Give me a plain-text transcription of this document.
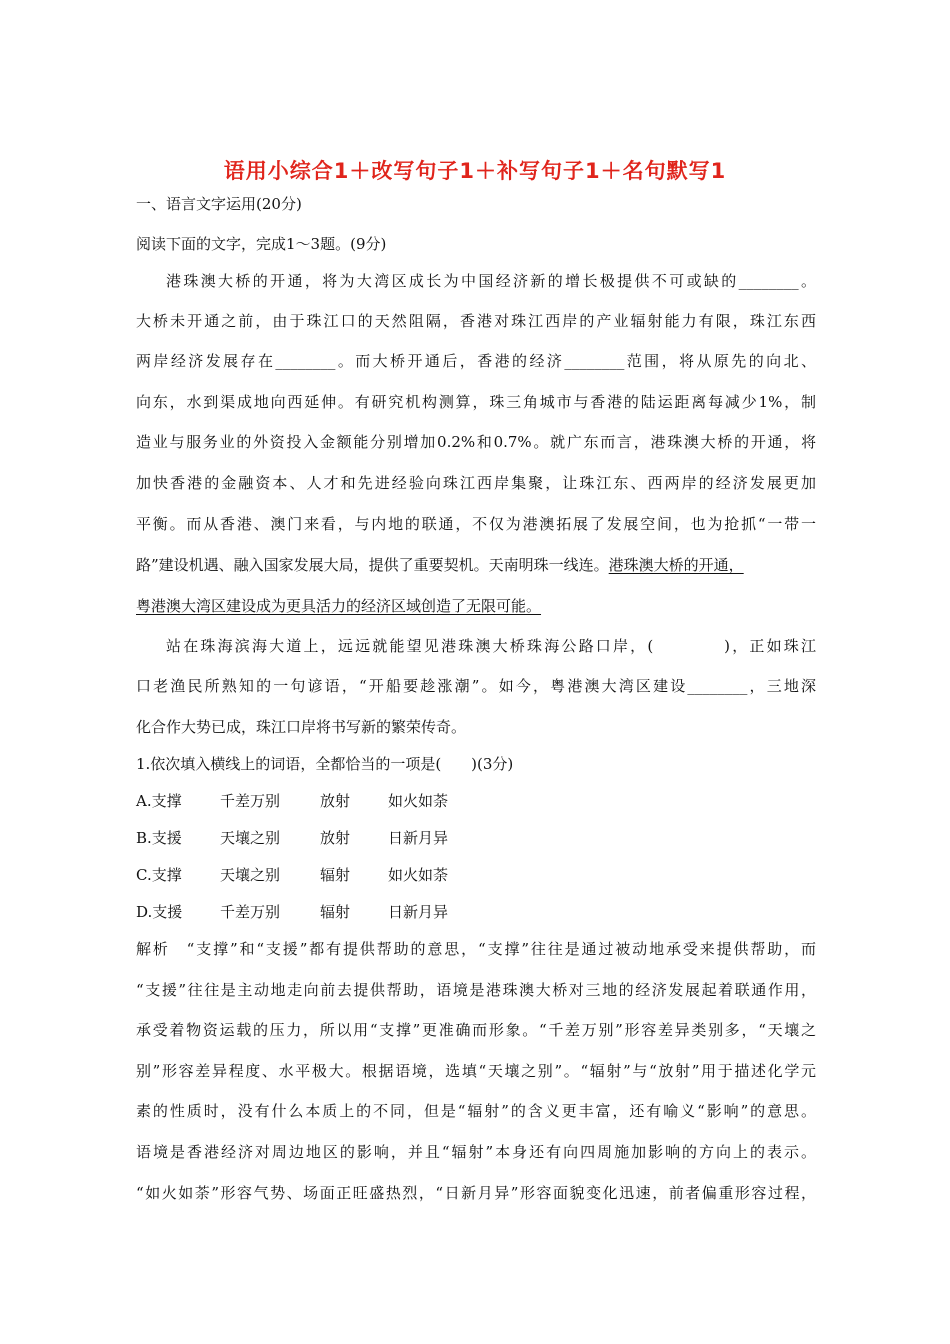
语用小综合1＋改写句子1＋补写句子1＋名句默写1
一、语言文字运用(20分)
阅读下面的文字，完成1～3题。(9分)
港珠澳大桥的开通，将为大湾区成长为中国经济新的增长极提供不可或缺的________。
大桥未开通之前，由于珠江口的天然阻隔，香港对珠江西岸的产业辐射能力有限，珠江东西
两岸经济发展存在________。而大桥开通后，香港的经济________范围，将从原先的向北、
向东，水到渠成地向西延伸。有研究机构测算，珠三角城市与香港的陆运距离每减少1%，制
造业与服务业的外资投入金额能分别增加0.2%和0.7%。就广东而言，港珠澳大桥的开通，将
加快香港的金融资本、人才和先进经验向珠江西岸集聚，让珠江东、西两岸的经济发展更加
平衡。而从香港、澳门来看，与内地的联通，不仅为港澳拓展了发展空间，也为抢抓“一带一
路”建设机遇、融入国家发展大局，提供了重要契机。天南明珠一线连。港珠澳大桥的开通，
粤港澳大湾区建设成为更具活力的经济区域创造了无限可能。
站在珠海滨海大道上，远远就能望见港珠澳大桥珠海公路口岸，(　　　　)，正如珠江
口老渔民所熟知的一句谚语，“开船要趁涨潮”。如今，粤港澳大湾区建设________，三地深
化合作大势已成，珠江口岸将书写新的繁荣传奇。
1.依次填入横线上的词语，全都恰当的一项是(　　)(3分)
A.支撑	千差万别	放射	如火如荼
B.支援	天壤之别	放射	日新月异
C.支撑	天壤之别	辐射	如火如荼
D.支援	千差万别	辐射	日新月异
解析　“支撑”和“支援”都有提供帮助的意思，“支撑”往往是通过被动地承受来提供帮助，而
“支援”往往是主动地走向前去提供帮助，语境是港珠澳大桥对三地的经济发展起着联通作用，
承受着物资运载的压力，所以用“支撑”更准确而形象。“千差万别”形容差异类别多，“天壤之
别”形容差异程度、水平极大。根据语境，选填“天壤之别”。“辐射”与“放射”用于描述化学元
素的性质时，没有什么本质上的不同，但是“辐射”的含义更丰富，还有喻义“影响”的意思。
语境是香港经济对周边地区的影响，并且“辐射”本身还有向四周施加影响的方向上的表示。
“如火如荼”形容气势、场面正旺盛热烈，“日新月异”形容面貌变化迅速，前者偏重形容过程，
